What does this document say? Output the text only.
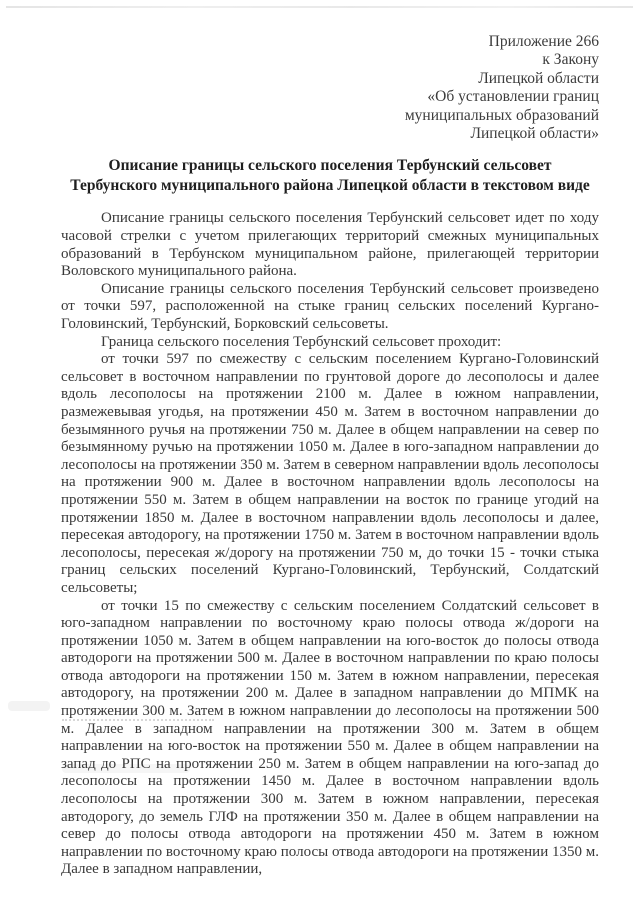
Приложение 266
к Закону
Липецкой области
«Об установлении границ
муниципальных образований
Липецкой области»
Описание границы сельского поселения Тербунский сельсовет
Тербунского муниципального района Липецкой области в текстовом виде

Описание границы сельского поселения Тербунский сельсовет идет по ходу часовой стрелки с учетом прилегающих территорий смежных муниципальных образований в Тербунском муниципальном районе, прилегающей территории Воловского муниципального района.

Описание границы сельского поселения Тербунский сельсовет произведено от точки 597, расположенной на стыке границ сельских поселений Кургано-Головинский, Тербунский, Борковский сельсоветы.

Граница сельского поселения Тербунский сельсовет проходит:

от точки 597 по смежеству с сельским поселением Кургано-Головинский сельсовет в восточном направлении по грунтовой дороге до лесополосы и далее вдоль лесополосы на протяжении 2100 м. Далее в южном направлении, размежевывая угодья, на протяжении 450 м. Затем в восточном направлении до безымянного ручья на протяжении 750 м. Далее в общем направлении на север по безымянному ручью на протяжении 1050 м. Далее в юго-западном направлении до лесополосы на протяжении 350 м. Затем в северном направлении вдоль лесополосы на протяжении 900 м. Далее в восточном направлении вдоль лесополосы на протяжении 550 м. Затем в общем направлении на восток по границе угодий на протяжении 1850 м. Далее в восточном направлении вдоль лесополосы и далее, пересекая автодорогу, на протяжении 1750 м. Затем в восточном направлении вдоль лесополосы, пересекая ж/дорогу на протяжении 750 м, до точки 15 - точки стыка границ сельских поселений Кургано-Головинский, Тербунский, Солдатский сельсоветы;

от точки 15 по смежеству с сельским поселением Солдатский сельсовет в юго-западном направлении по восточному краю полосы отвода ж/дороги на протяжении 1050 м. Затем в общем направлении на юго-восток до полосы отвода автодороги на протяжении 500 м. Далее в восточном направлении по краю полосы отвода автодороги на протяжении 150 м. Затем в южном направлении, пересекая автодорогу, на протяжении 200 м. Далее в западном направлении до МПМК на протяжении 300 м. Затем в южном направлении до лесополосы на протяжении 500 м. Далее в западном направлении на протяжении 300 м. Затем в общем направлении на юго-восток на протяжении 550 м. Далее в общем направлении на запад до РПС на протяжении 250 м. Затем в общем направлении на юго-запад до лесополосы на протяжении 1450 м. Далее в восточном направлении вдоль лесополосы на протяжении 300 м. Затем в южном направлении, пересекая автодорогу, до земель ГЛФ на протяжении 350 м. Далее в общем направлении на север до полосы отвода автодороги на протяжении 450 м. Затем в южном направлении по восточному краю полосы отвода автодороги на протяжении 1350 м. Далее в западном направлении,
